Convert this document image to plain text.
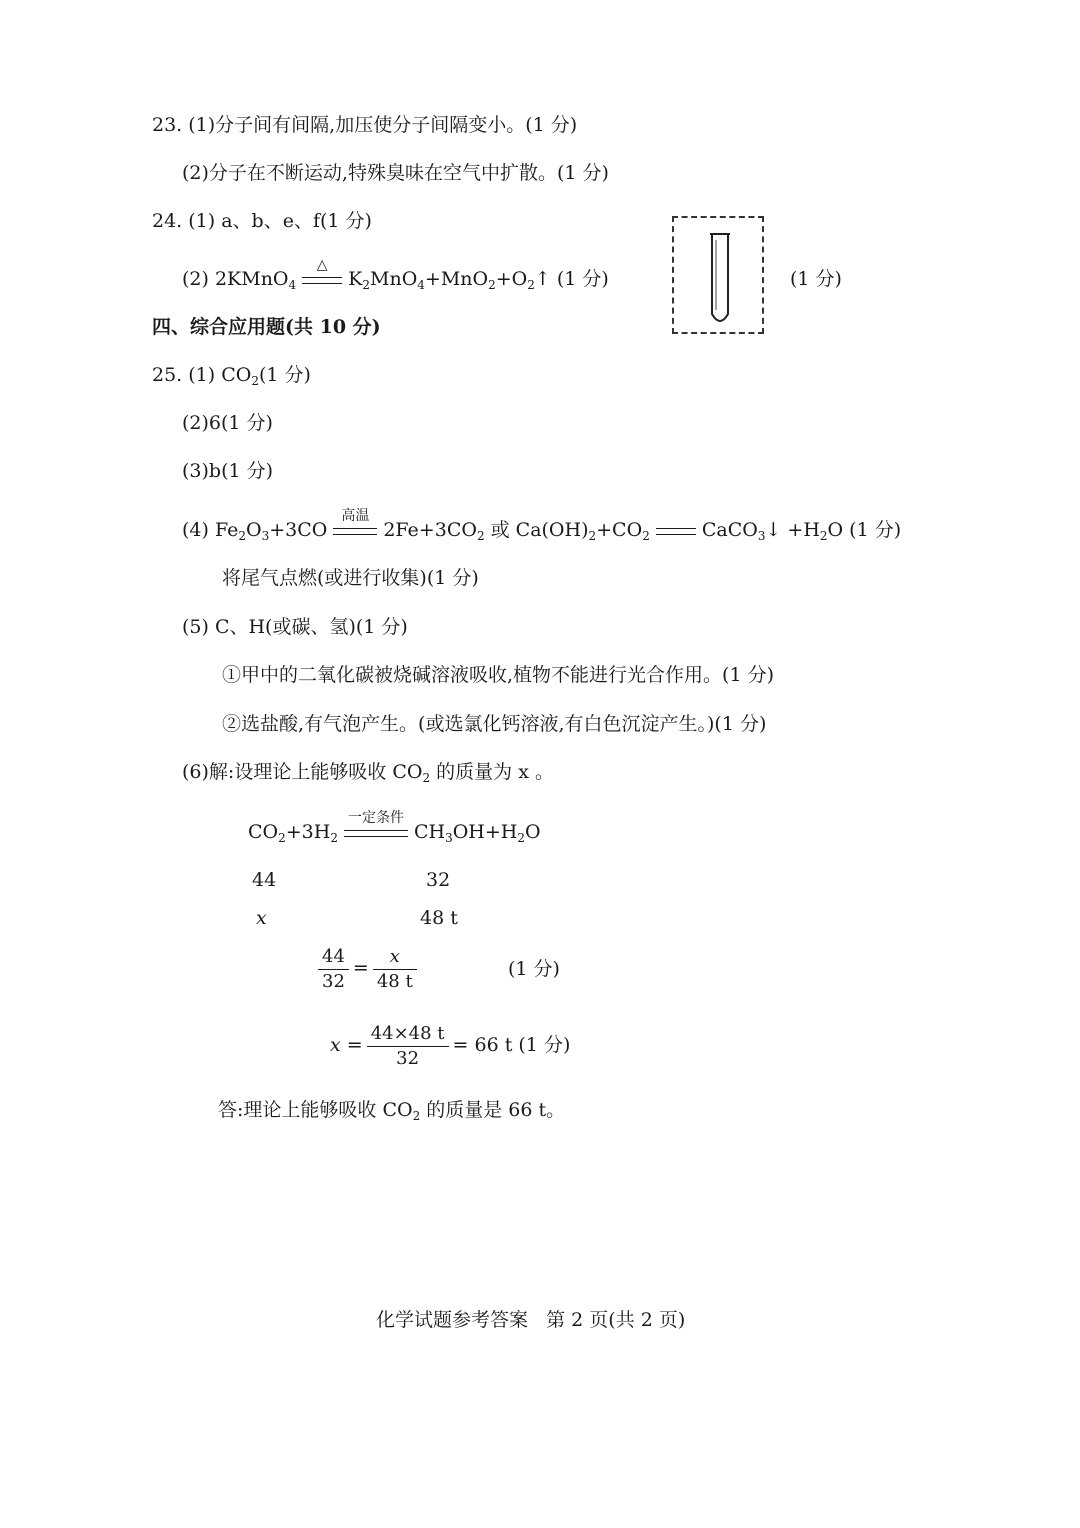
23. (1)分子间有间隔,加压使分子间隔变小。(1 分)
(2)分子在不断运动,特殊臭味在空气中扩散。(1 分)
24. (1) a、b、e、f(1 分)
(2) 2KMnO$_4$
△
$K_2MnO_4+MnO_2+O_2↑$ (1 分)	(1 分)
四、综合应用题(共 10 分)
25. (1) $CO_2(1$ 分)
(2)6(1 分)
(3)b(1 分)
(4) $Fe_2O_3+3CO$
高温
$2Fe+3CO_2$ 或 $Ca(OH)_2+CO_2$	CaCO$_3$↓ $+H_2O$ (1 分)
将尾气点燃(或进行收集)(1 分)
(5) C、H(或碳、氢)(1 分)
①甲中的二氧化碳被烧碱溶液吸收,植物不能进行光合作用。(1 分)
②选盐酸,有气泡产生。(或选氯化钙溶液,有白色沉淀产生。)(1 分)
(6)解:设理论上能够吸收 $CO_2$ 的质量为 x 。
$CO_2+3H_2$
一定条件
$CH_3OH+H_2O$
44	32
x	48 t
$\frac{44}{32} = \frac{x}{48 t}$	(1 分)
$x = \frac{44\times 48 t}{32} = 66$ t (1 分)
答:理论上能够吸收 $CO_2$ 的质量是 66 t。
化学试题参考答案   第 2 页(共 2 页)
